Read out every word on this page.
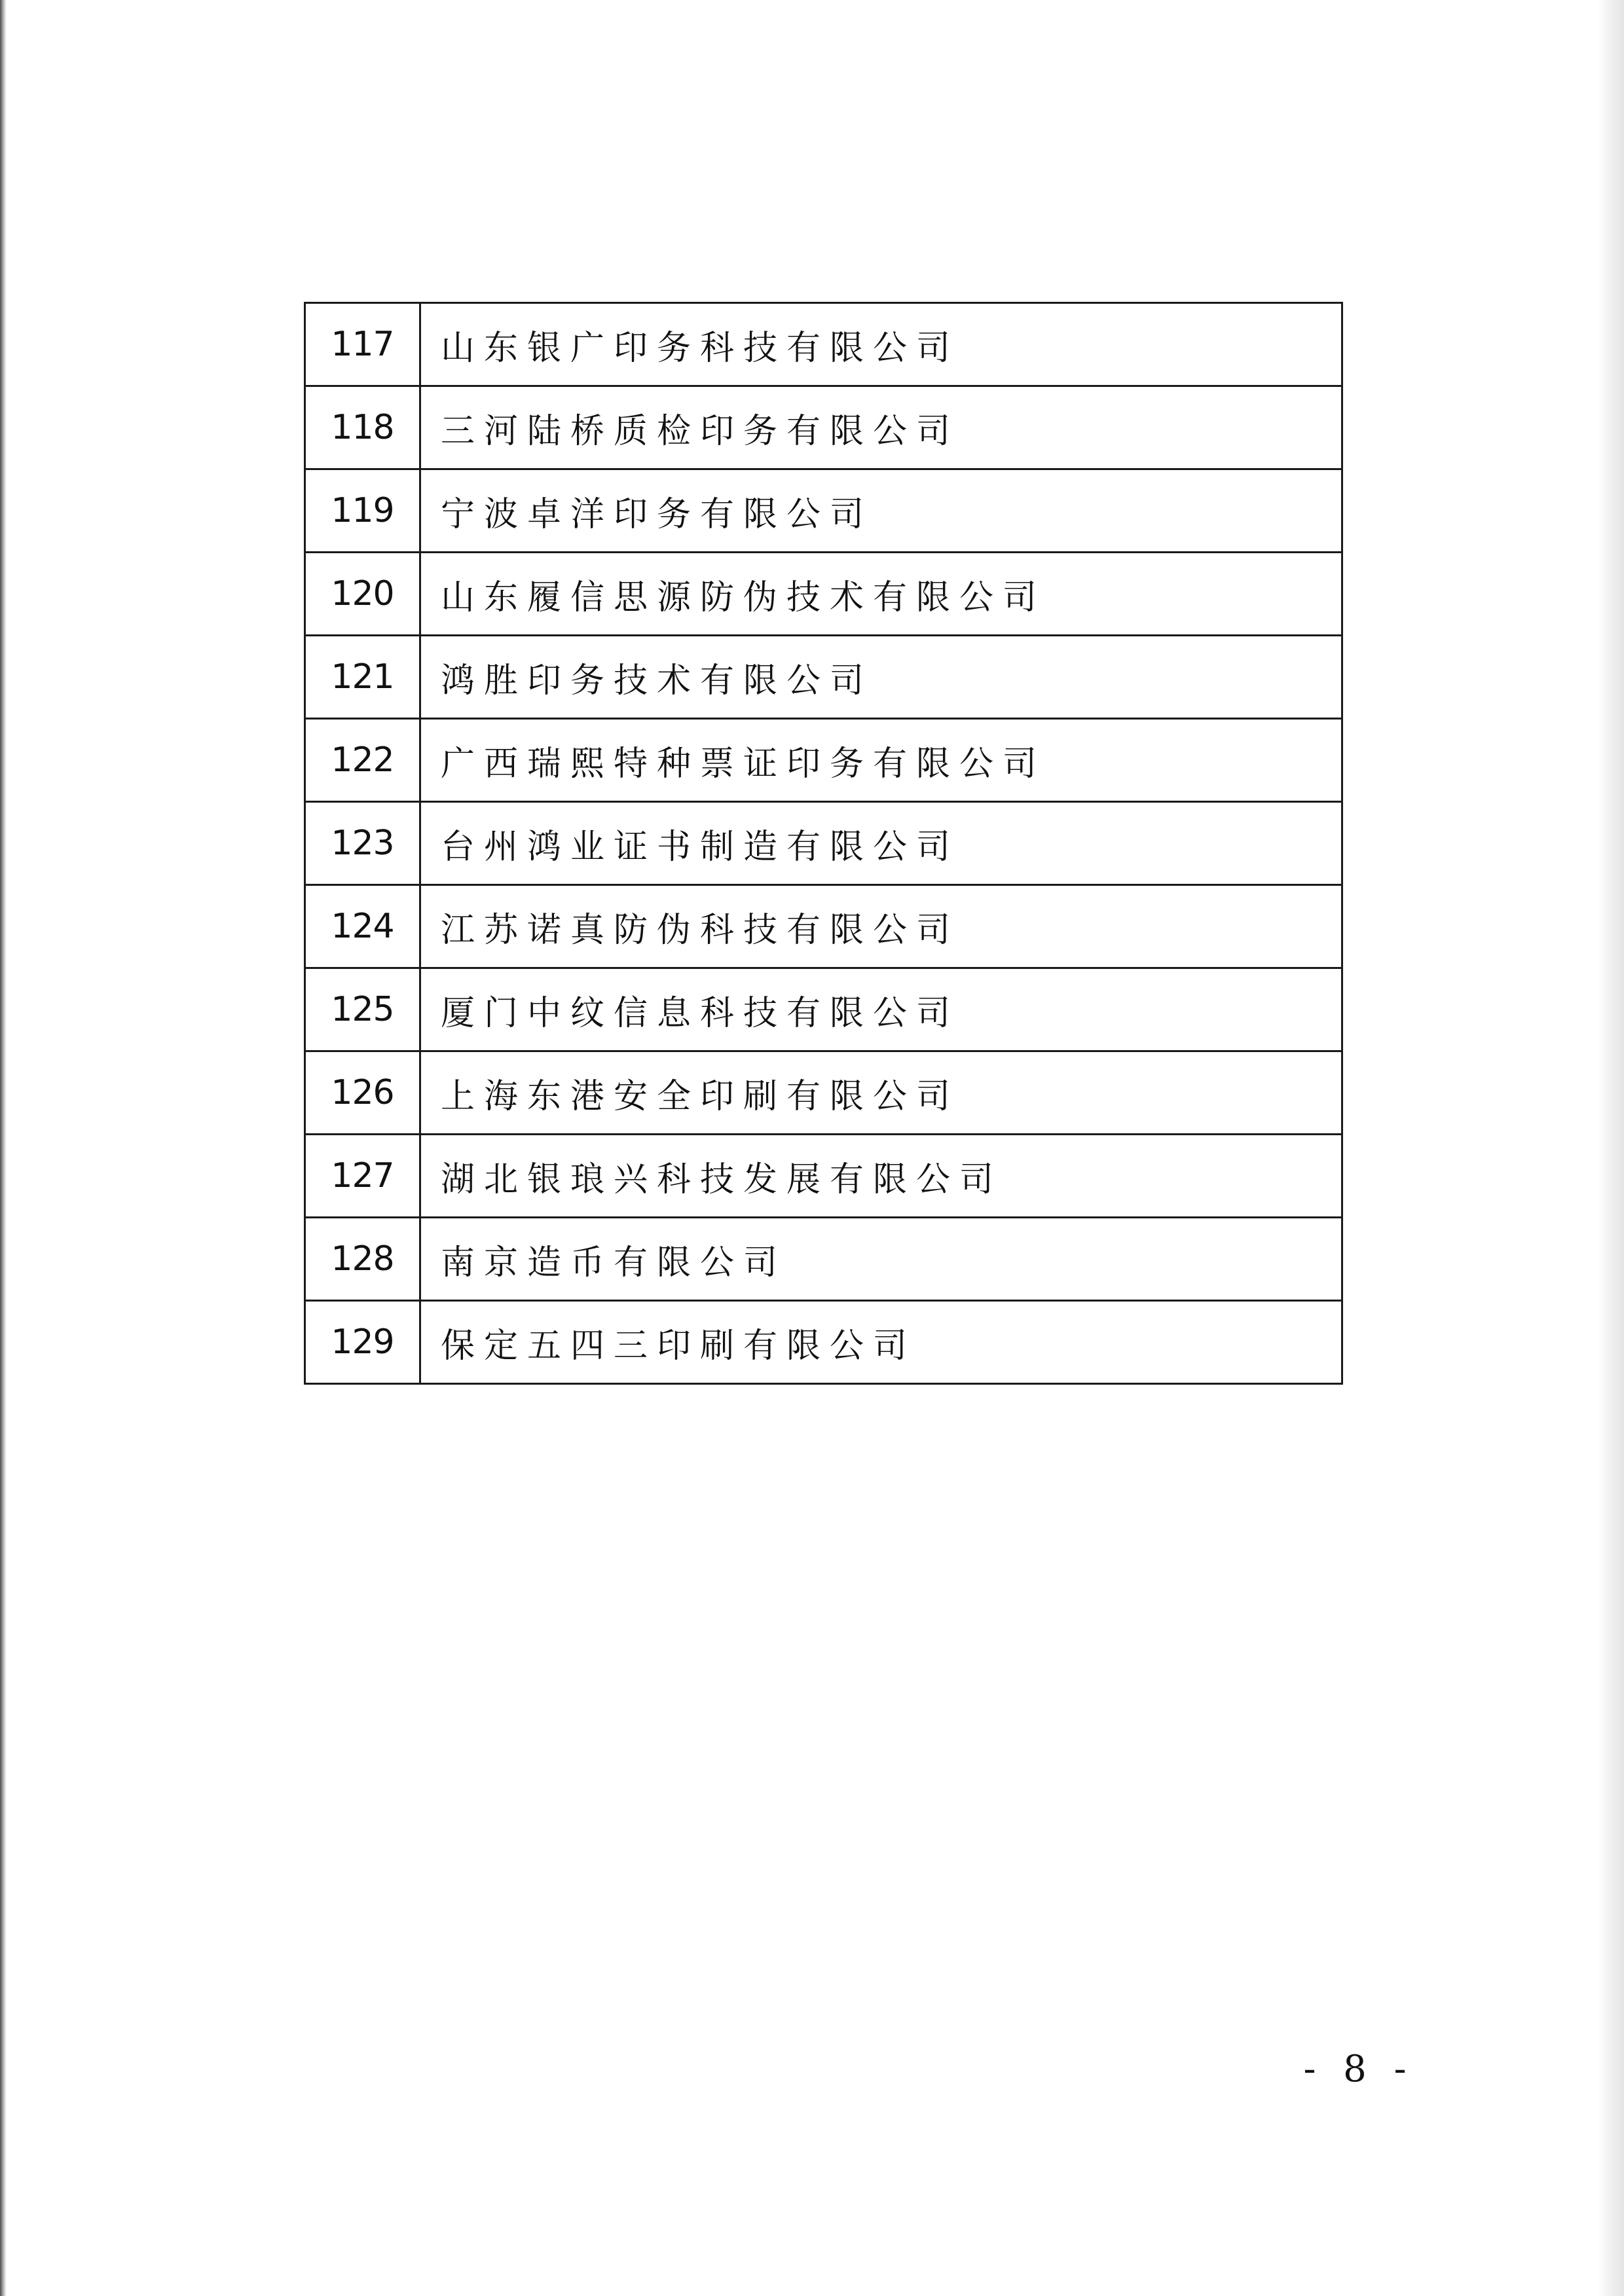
117	山东银广印务科技有限公司
118	三河陆桥质检印务有限公司
119	宁波卓洋印务有限公司
120	山东履信思源防伪技术有限公司
121	鸿胜印务技术有限公司
122	广西瑞熙特种票证印务有限公司
123	台州鸿业证书制造有限公司
124	江苏诺真防伪科技有限公司
125	厦门中纹信息科技有限公司
126	上海东港安全印刷有限公司
127	湖北银琅兴科技发展有限公司
128	南京造币有限公司
129	保定五四三印刷有限公司
- 8 -
